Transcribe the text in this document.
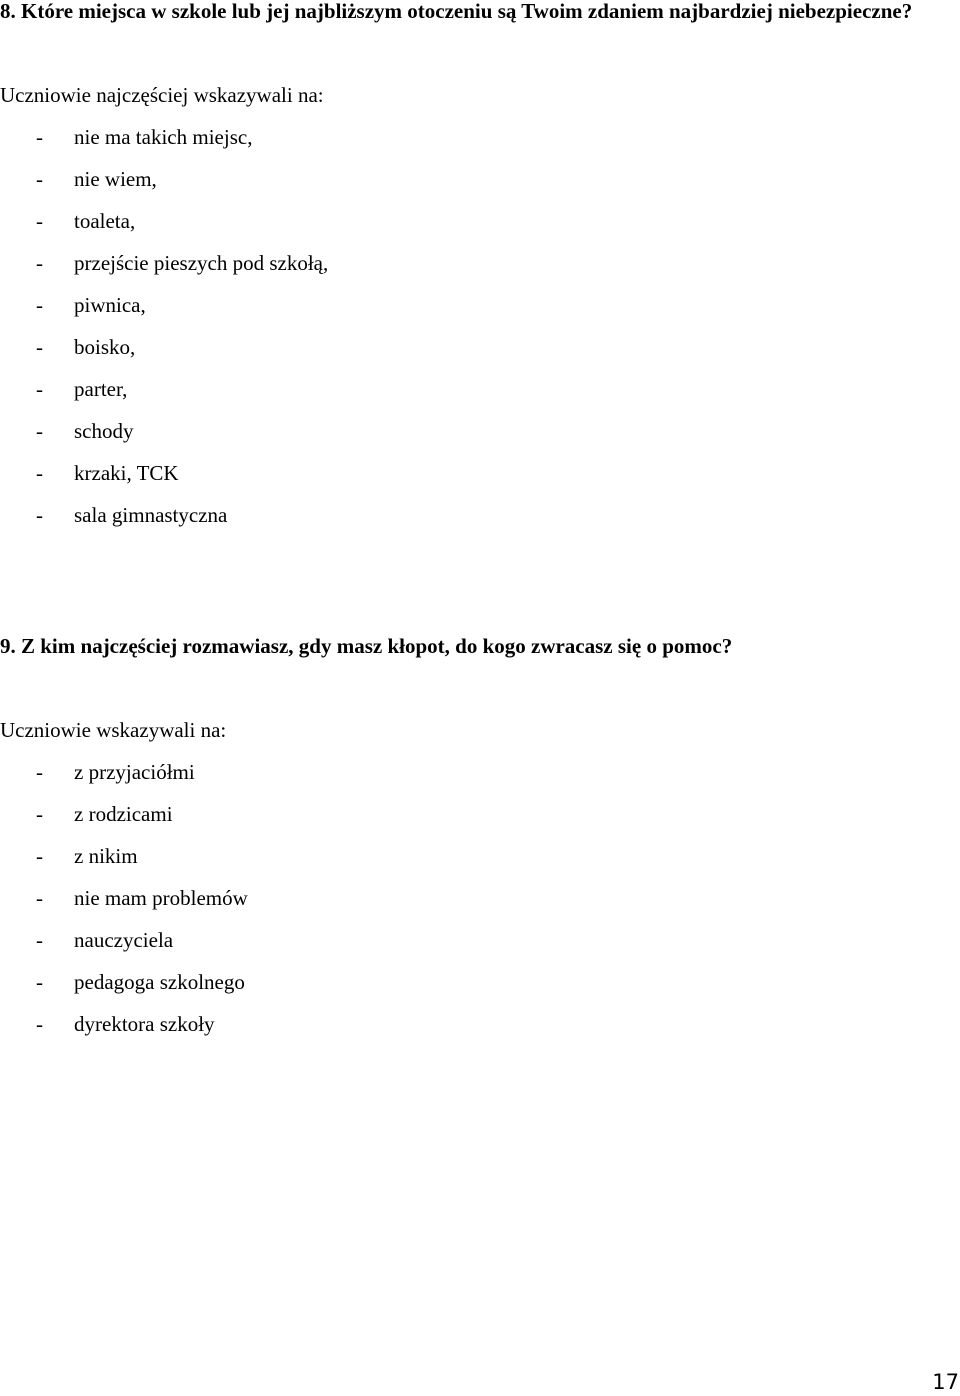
8. Które miejsca w szkole lub jej najbliższym otoczeniu są Twoim zdaniem najbardziej niebezpieczne?

Uczniowie najczęściej wskazywali na:

- nie ma takich miejsc,
- nie wiem,
- toaleta,
- przejście pieszych pod szkołą,
- piwnica,
- boisko,
- parter,
- schody
- krzaki, TCK
- sala gimnastyczna

9. Z kim najczęściej rozmawiasz, gdy masz kłopot, do kogo zwracasz się o pomoc?

Uczniowie wskazywali na:

- z przyjaciółmi
- z rodzicami
- z nikim
- nie mam problemów
- nauczyciela
- pedagoga szkolnego
- dyrektora szkoły
17
